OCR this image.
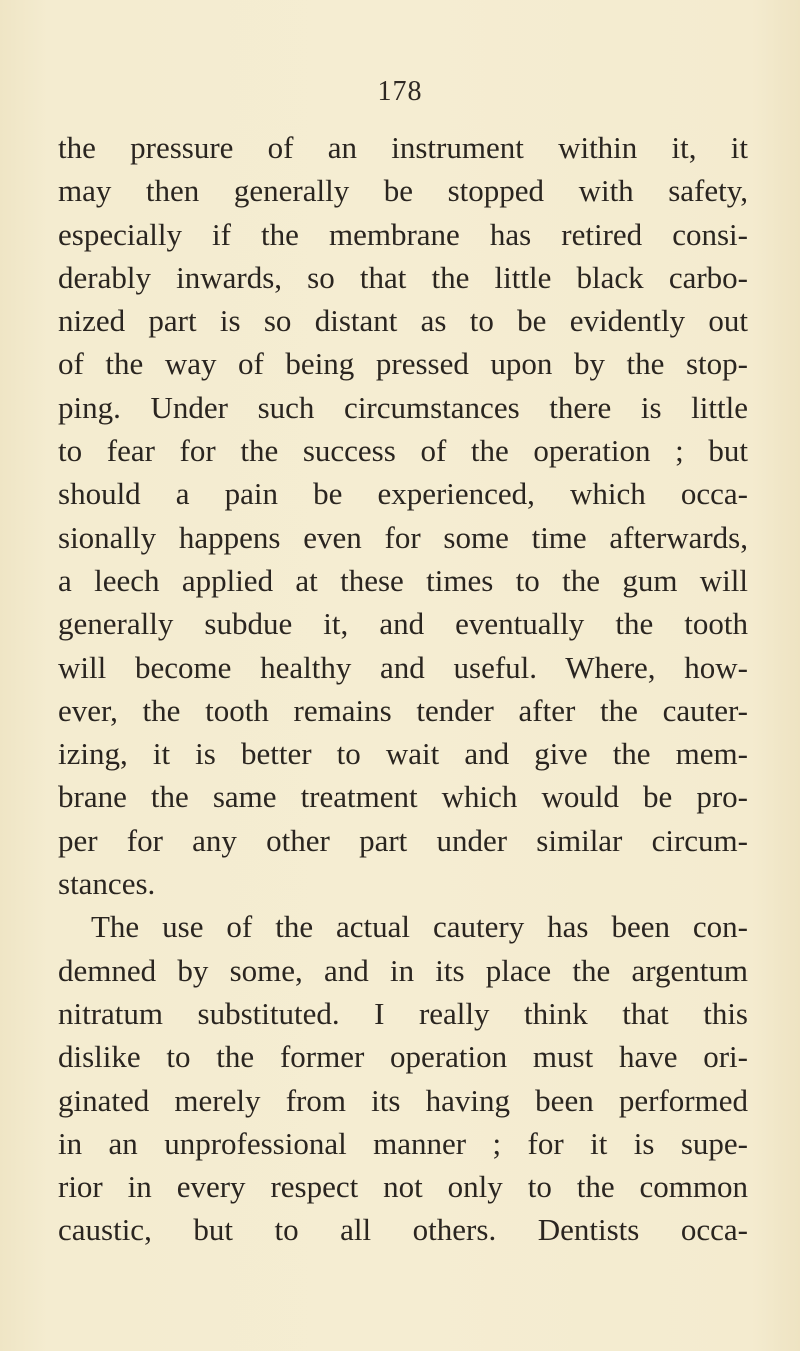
178
the pressure of an instrument within it, it
may then generally be stopped with safety,
especially if the membrane has retired consi-
derably inwards, so that the little black carbo-
nized part is so distant as to be evidently out
of the way of being pressed upon by the stop-
ping. Under such circumstances there is little
to fear for the success of the operation ; but
should a pain be experienced, which occa-
sionally happens even for some time afterwards,
a leech applied at these times to the gum will
generally subdue it, and eventually the tooth
will become healthy and useful. Where, how-
ever, the tooth remains tender after the cauter-
izing, it is better to wait and give the mem-
brane the same treatment which would be pro-
per for any other part under similar circum-
stances.
The use of the actual cautery has been con-
demned by some, and in its place the argentum
nitratum substituted. I really think that this
dislike to the former operation must have ori-
ginated merely from its having been performed
in an unprofessional manner ; for it is supe-
rior in every respect not only to the common
caustic, but to all others. Dentists occa-
